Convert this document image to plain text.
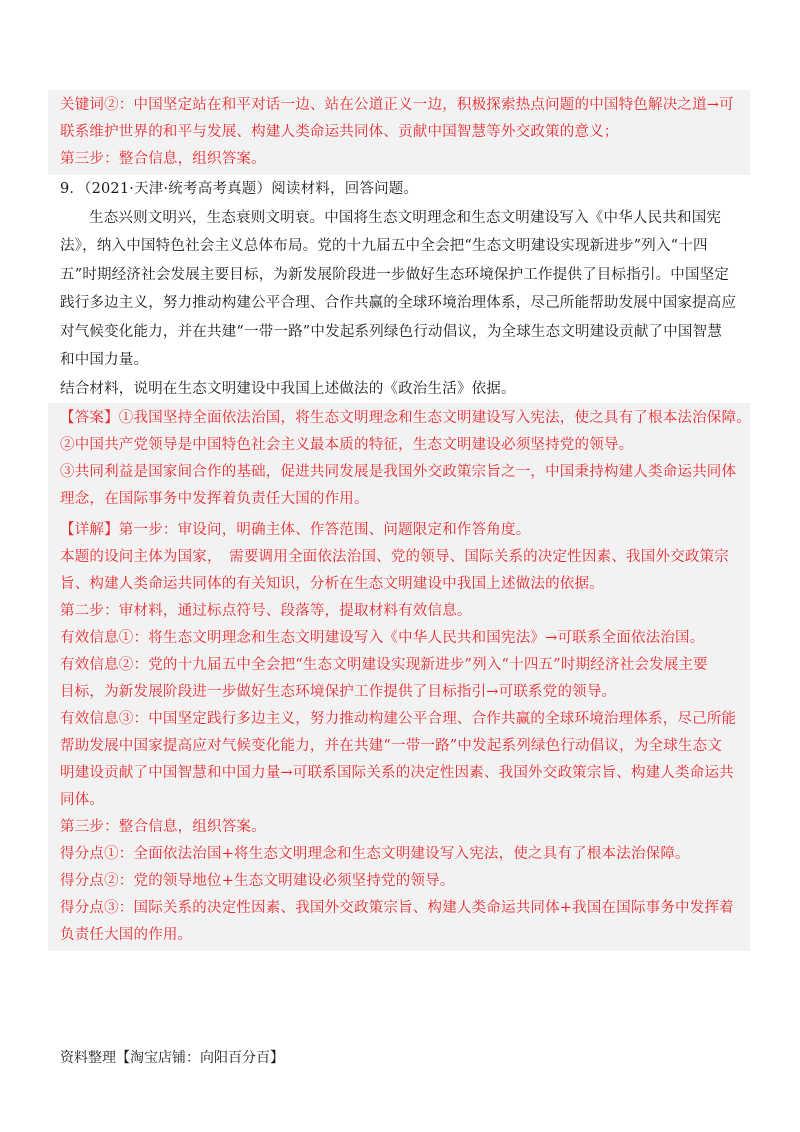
关键词②：中国坚定站在和平对话一边、站在公道正义一边，积极探索热点问题的中国特色解决之道→可
联系维护世界的和平与发展、构建人类命运共同体、贡献中国智慧等外交政策的意义；
第三步：整合信息，组织答案。
9．（2021·天津·统考高考真题）阅读材料，回答问题。
生态兴则文明兴，生态衰则文明衰。中国将生态文明理念和生态文明建设写入《中华人民共和国宪
法》，纳入中国特色社会主义总体布局。党的十九届五中全会把“生态文明建设实现新进步”列入“十四
五”时期经济社会发展主要目标，为新发展阶段进一步做好生态环境保护工作提供了目标指引。中国坚定
践行多边主义，努力推动构建公平合理、合作共赢的全球环境治理体系，尽己所能帮助发展中国家提高应
对气候变化能力，并在共建“一带一路”中发起系列绿色行动倡议，为全球生态文明建设贡献了中国智慧
和中国力量。
结合材料，说明在生态文明建设中我国上述做法的《政治生活》依据。
【答案】①我国坚持全面依法治国，将生态文明理念和生态文明建设写入宪法，使之具有了根本法治保障。
②中国共产党领导是中国特色社会主义最本质的特征，生态文明建设必须坚持党的领导。
③共同利益是国家间合作的基础，促进共同发展是我国外交政策宗旨之一，中国秉持构建人类命运共同体
理念，在国际事务中发挥着负责任大国的作用。
【详解】第一步：审设问，明确主体、作答范围、问题限定和作答角度。
本题的设问主体为国家，　需要调用全面依法治国、党的领导、国际关系的决定性因素、我国外交政策宗
旨、构建人类命运共同体的有关知识，分析在生态文明建设中我国上述做法的依据。
第二步：审材料，通过标点符号、段落等，提取材料有效信息。
有效信息①：将生态文明理念和生态文明建设写入《中华人民共和国宪法》→可联系全面依法治国。
有效信息②：党的十九届五中全会把“生态文明建设实现新进步”列入“十四五”时期经济社会发展主要
目标，为新发展阶段进一步做好生态环境保护工作提供了目标指引→可联系党的领导。
有效信息③：中国坚定践行多边主义，努力推动构建公平合理、合作共赢的全球环境治理体系，尽己所能
帮助发展中国家提高应对气候变化能力，并在共建“一带一路”中发起系列绿色行动倡议，为全球生态文
明建设贡献了中国智慧和中国力量→可联系国际关系的决定性因素、我国外交政策宗旨、构建人类命运共
同体。
第三步：整合信息，组织答案。
得分点①：全面依法治国+将生态文明理念和生态文明建设写入宪法，使之具有了根本法治保障。
得分点②：党的领导地位+生态文明建设必须坚持党的领导。
得分点③：国际关系的决定性因素、我国外交政策宗旨、构建人类命运共同体+我国在国际事务中发挥着
负责任大国的作用。
资料整理【淘宝店铺：向阳百分百】
